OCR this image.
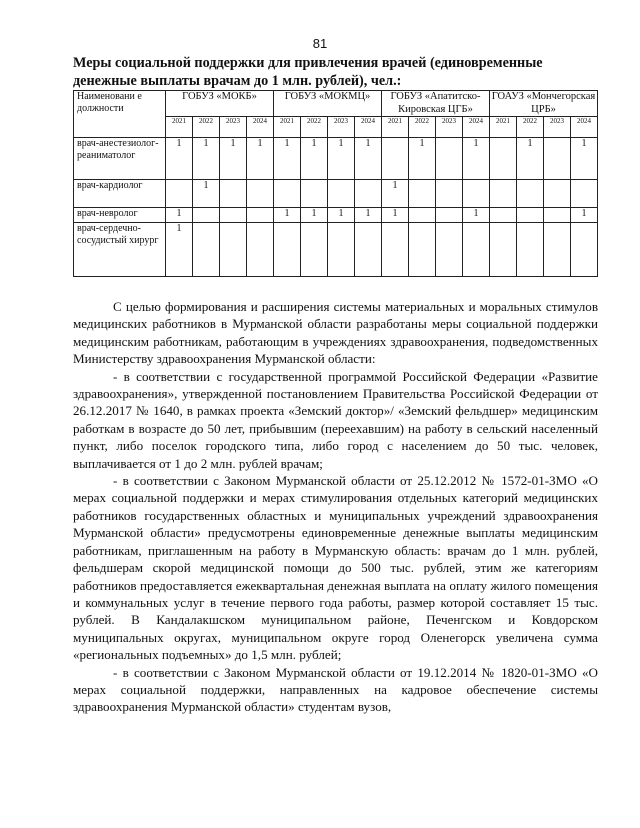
81
Меры социальной поддержки для привлечения врачей (единовременные денежные выплаты врачам до 1 млн. рублей), чел.:
Наименовани е должности	ГОБУЗ «МОКБ»				ГОБУЗ «МОКМЦ»				ГОБУЗ «Апатитско-Кировская ЦГБ»				ГОАУЗ «Мончегорская ЦРБ»			
	2021	2022	2023	2024	2021	2022	2023	2024	2021	2022	2023	2024	2021	2022	2023	2024
врач-анестезиолог-реаниматолог	1	1	1	1	1	1	1	1		1		1		1		1
врач-кардиолог		1							1							
врач-невролог	1				1	1	1	1	1			1				1
врач-сердечно-сосудистый хирург	1															

С целью формирования и расширения системы материальных и моральных стимулов медицинских работников в Мурманской области разработаны меры социальной поддержки медицинским работникам, работающим в учреждениях здравоохранения, подведомственных Министерству здравоохранения Мурманской области:

- в соответствии с государственной программой Российской Федерации «Развитие здравоохранения», утвержденной постановлением Правительства Российской Федерации от 26.12.2017 № 1640, в рамках проекта «Земский доктор»/ «Земский фельдшер» медицинским работкам в возрасте до 50 лет, прибывшим (переехавшим) на работу в сельский населенный пункт, либо поселок городского типа, либо город с населением до 50 тыс. человек, выплачивается от 1 до 2 млн. рублей врачам;

- в соответствии с Законом Мурманской области от 25.12.2012 № 1572-01-ЗМО «О мерах социальной поддержки и мерах стимулирования отдельных категорий медицинских работников государственных областных и муниципальных учреждений здравоохранения Мурманской области» предусмотрены единовременные денежные выплаты медицинским работникам, приглашенным на работу в Мурманскую область: врачам до 1 млн. рублей, фельдшерам скорой медицинской помощи до 500 тыс. рублей, этим же категориям работников предоставляется ежеквартальная денежная выплата на оплату жилого помещения и коммунальных услуг в течение первого года работы, размер которой составляет 15 тыс. рублей. В Кандалакшском муниципальном районе, Печенгском и Ковдорском муниципальных округах, муниципальном округе город Оленегорск увеличена сумма «региональных подъемных» до 1,5 млн. рублей;

- в соответствии с Законом Мурманской области от 19.12.2014 № 1820-01-ЗМО «О мерах социальной поддержки, направленных на кадровое обеспечение системы здравоохранения Мурманской области» студентам вузов,
